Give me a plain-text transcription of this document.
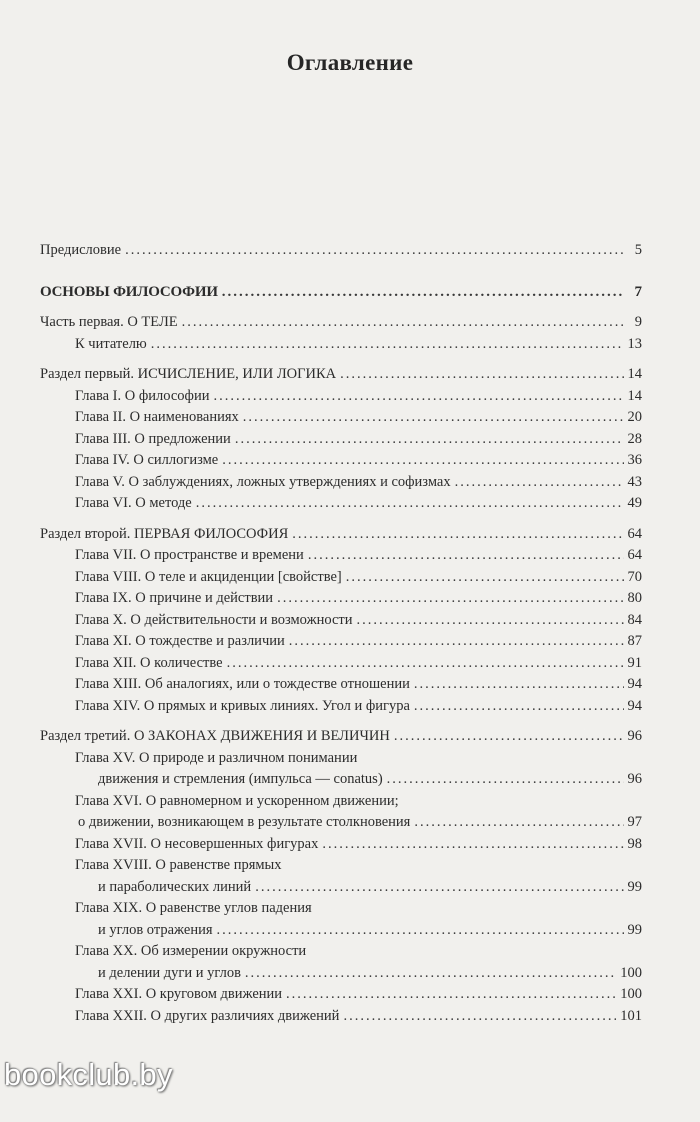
Оглавление
Предисловие .....	5
ОСНОВЫ ФИЛОСОФИИ .....	7
Часть первая. О ТЕЛЕ .....	9
К читателю .....	13
Раздел первый. ИСЧИСЛЕНИЕ, ИЛИ ЛОГИКА .....	14
Глава I. О философии .....	14
Глава II. О наименованиях .....	20
Глава III. О предложении .....	28
Глава IV. О силлогизме .....	36
Глава V. О заблуждениях, ложных утверждениях и софизмах .....	43
Глава VI. О методе .....	49
Раздел второй. ПЕРВАЯ ФИЛОСОФИЯ .....	64
Глава VII. О пространстве и времени .....	64
Глава VIII. О теле и акциденции [свойстве] .....	70
Глава IX. О причине и действии .....	80
Глава X. О действительности и возможности .....	84
Глава XI. О тождестве и различии .....	87
Глава XII. О количестве .....	91
Глава XIII. Об аналогиях, или о тождестве отношении .....	94
Глава XIV. О прямых и кривых линиях. Угол и фигура .....	94
Раздел третий. О ЗАКОНАХ ДВИЖЕНИЯ И ВЕЛИЧИН .....	96
Глава XV. О природе и различном понимании
движения и стремления (импульса — conatus) .....	96
Глава XVI. О равномерном и ускоренном движении;
о движении, возникающем в результате столкновения .....	97
Глава XVII. О несовершенных фигурах .....	98
Глава XVIII. О равенстве прямых
и параболических линий .....	99
Глава XIX. О равенстве углов падения
и углов отражения .....	99
Глава XX. Об измерении окружности
и делении дуги и углов .....	100
Глава XXI. О круговом движении .....	100
Глава XXII. О других различиях движений .....	101
bookclub.by
